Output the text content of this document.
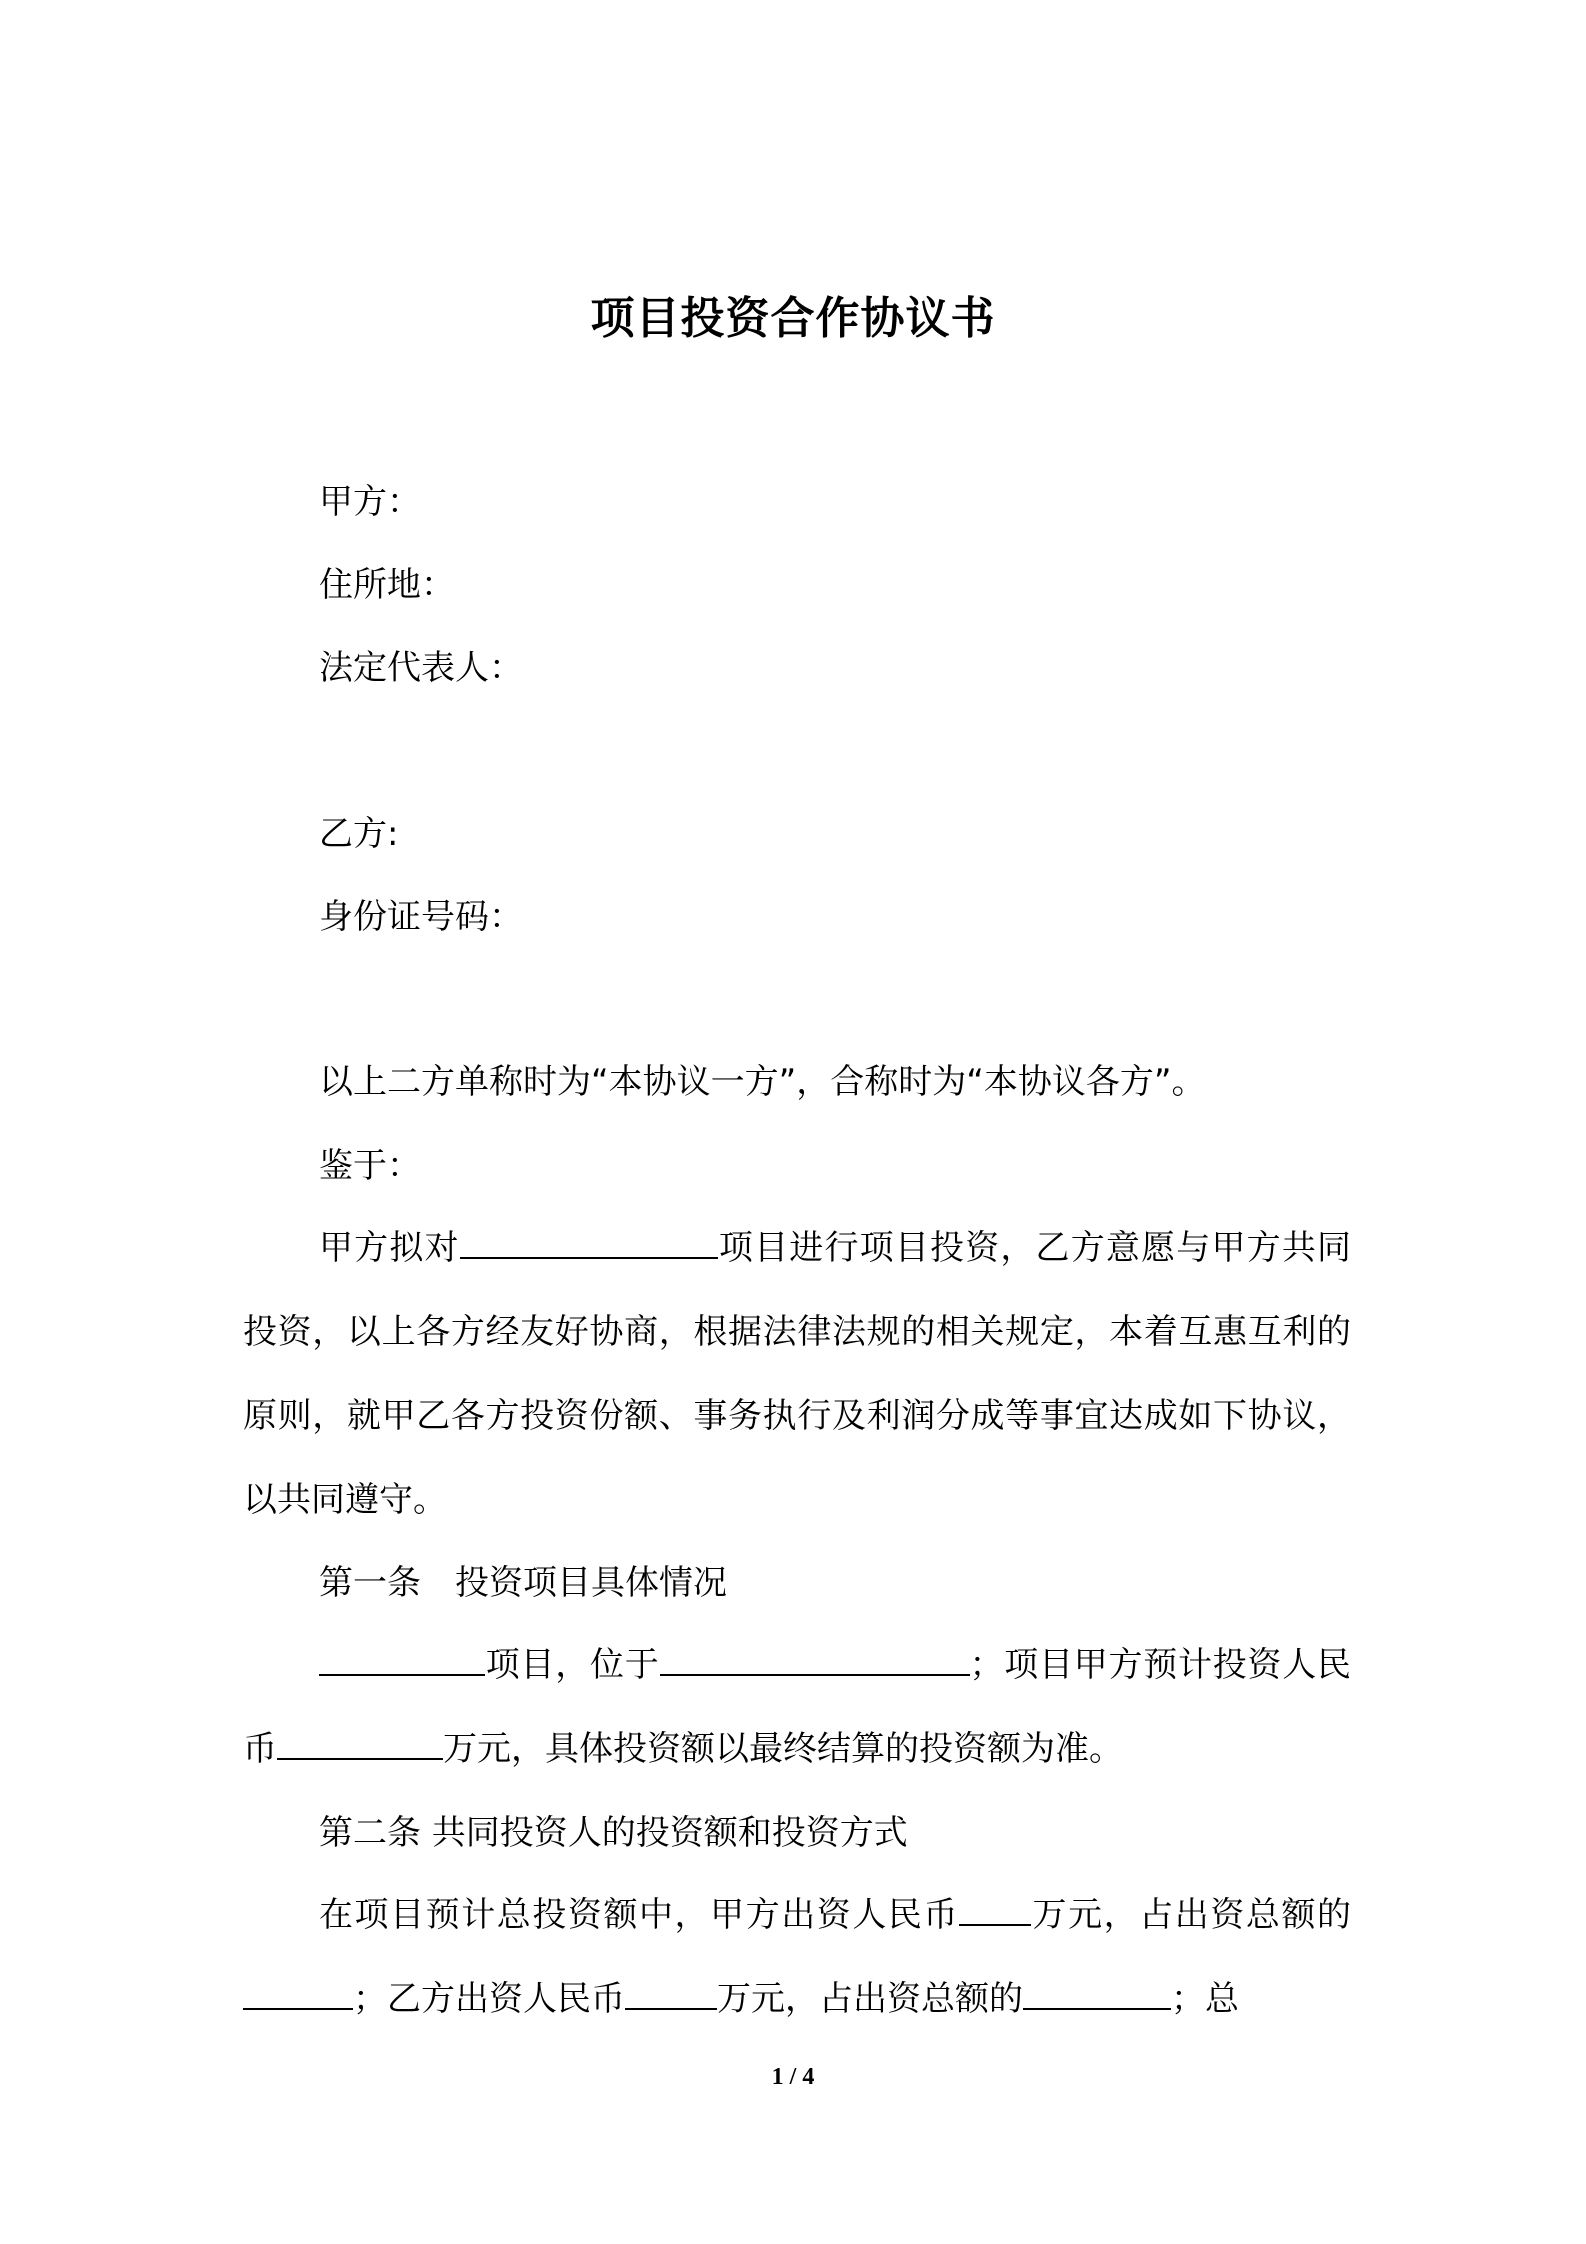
项目投资合作协议书
甲方：
住所地：
法定代表人：
乙方:
身份证号码：
以上二方单称时为“本协议一方”，合称时为“本协议各方”。
鉴于：
甲方拟对	项目进行项目投资，乙方意愿与甲方共同投资，以上各方经友好协商，根据法律法规的相关规定，本着互惠互利的原则，就甲乙各方投资份额、事务执行及利润分成等事宜达成如下协议，以共同遵守。
第一条　投资项目具体情况
项目，位于	；项目甲方预计投资人民币	万元，具体投资额以最终结算的投资额为准。
第二条 共同投资人的投资额和投资方式
在项目预计总投资额中，甲方出资人民币 万元，占出资总额的；乙方出资人民币	万元，占出资总额的	；总
1 / 4
